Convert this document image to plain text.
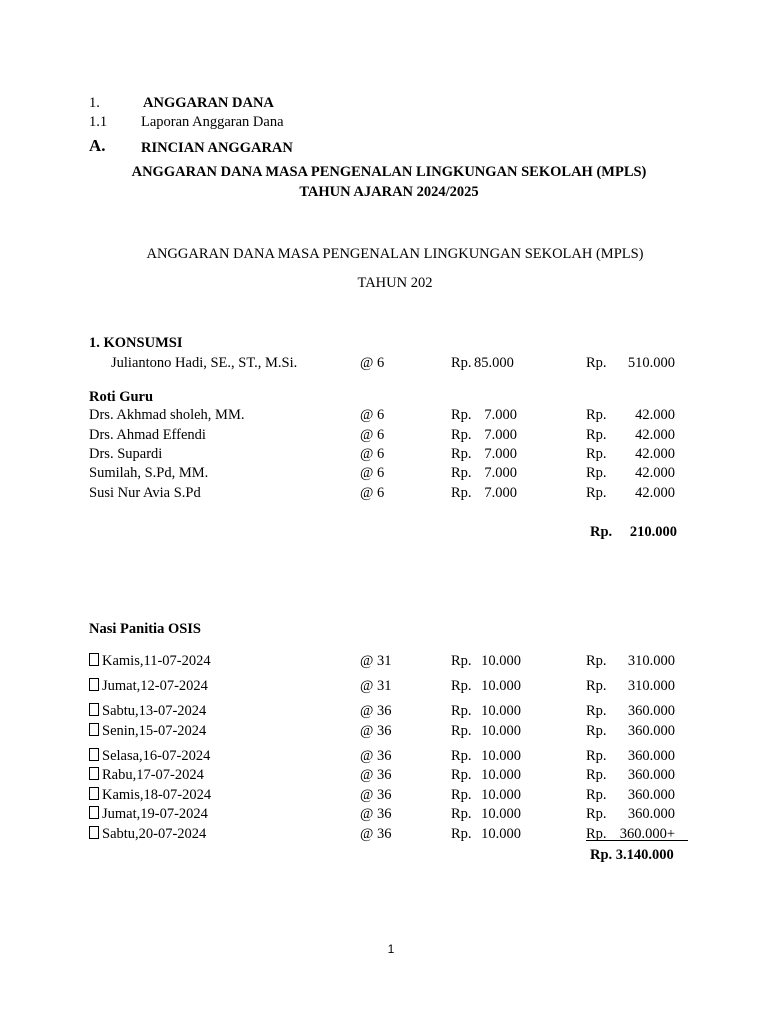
1.	ANGGARAN DANA
1.1 Laporan Anggaran Dana
A. RINCIAN ANGGARAN
ANGGARAN DANA MASA PENGENALAN LINGKUNGAN SEKOLAH (MPLS)
TAHUN AJARAN 2024/2025
ANGGARAN DANA MASA PENGENALAN LINGKUNGAN SEKOLAH (MPLS)
TAHUN 202
1. KONSUMSI
Juliantono Hadi, SE., ST., M.Si.	@ 6	Rp. 85.000	Rp.	510.000
Roti Guru
Drs. Akhmad sholeh, MM.	@ 6	Rp. 7.000	Rp.	42.000
Drs. Ahmad Effendi	@ 6	Rp. 7.000	Rp.	42.000
Drs. Supardi	@ 6	Rp. 7.000	Rp.	42.000
Sumilah, S.Pd, MM.	@ 6	Rp. 7.000	Rp.	42.000
Susi Nur Avia S.Pd	@ 6	Rp. 7.000	Rp.	42.000
Rp.	210.000
Nasi Panitia OSIS
Kamis,11-07-2024	@ 31	Rp. 10.000	Rp.	310.000
Jumat,12-07-2024	@ 31	Rp. 10.000	Rp.	310.000
Sabtu,13-07-2024	@ 36	Rp. 10.000	Rp.	360.000
Senin,15-07-2024	@ 36	Rp. 10.000	Rp.	360.000
Selasa,16-07-2024	@ 36	Rp. 10.000	Rp.	360.000
Rabu,17-07-2024	@ 36	Rp. 10.000	Rp.	360.000
Kamis,18-07-2024	@ 36	Rp. 10.000	Rp.	360.000
Jumat,19-07-2024	@ 36	Rp. 10.000	Rp.	360.000
Sabtu,20-07-2024	@ 36	Rp. 10.000	Rp. 360.000+
Rp. 3.140.000
1
